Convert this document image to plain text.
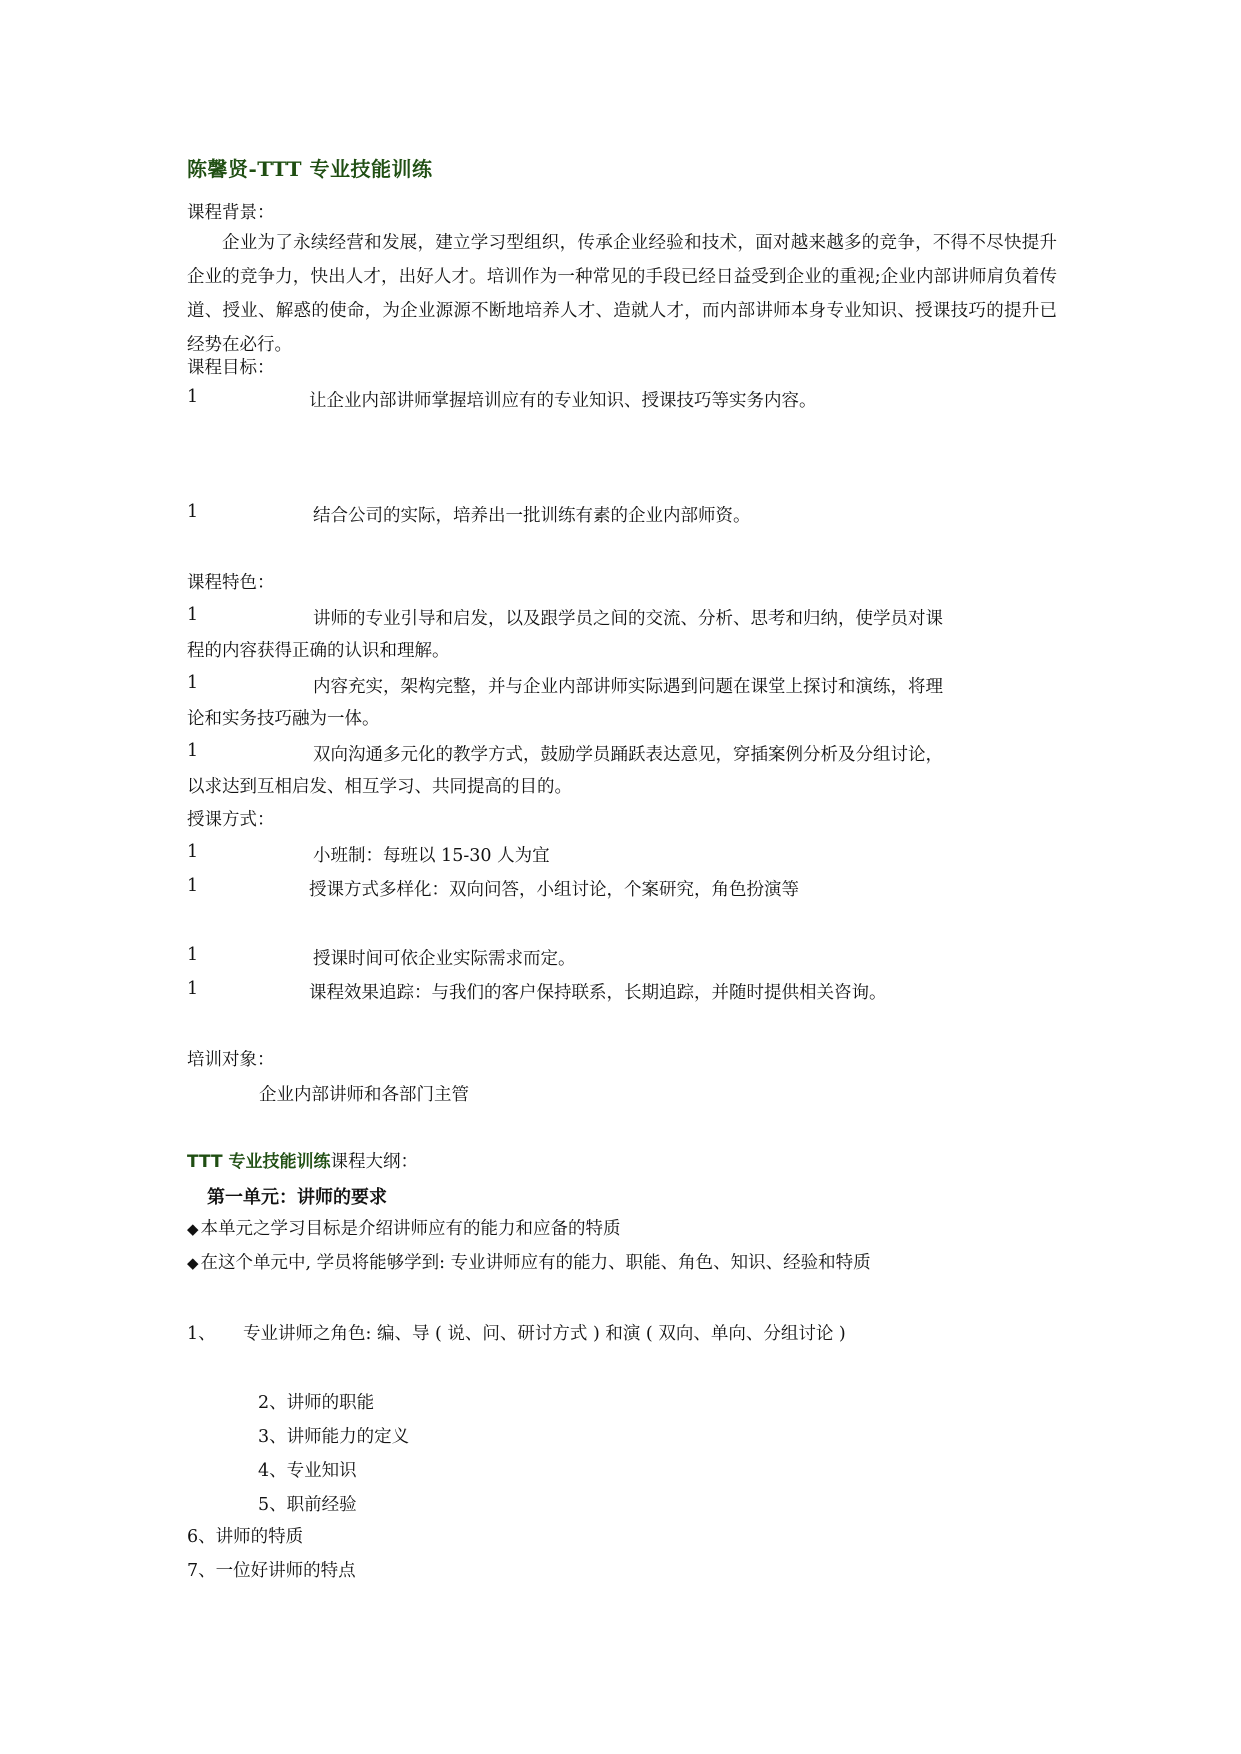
陈馨贤-TTT 专业技能训练
课程背景：
企业为了永续经营和发展，建立学习型组织，传承企业经验和技术，面对越来越多的竞争，不得不尽快提升企业的竞争力，快出人才，出好人才。培训作为一种常见的手段已经日益受到企业的重视;企业内部讲师肩负着传道、授业、解惑的使命，为企业源源不断地培养人才、造就人才，而内部讲师本身专业知识、授课技巧的提升已经势在必行。
课程目标：
1	让企业内部讲师掌握培训应有的专业知识、授课技巧等实务内容。
1	结合公司的实际，培养出一批训练有素的企业内部师资。
课程特色：
1	讲师的专业引导和启发，以及跟学员之间的交流、分析、思考和归纳，使学员对课
程的内容获得正确的认识和理解。
1	内容充实，架构完整，并与企业内部讲师实际遇到问题在课堂上探讨和演练，将理
论和实务技巧融为一体。
1	双向沟通多元化的教学方式，鼓励学员踊跃表达意见，穿插案例分析及分组讨论，
以求达到互相启发、相互学习、共同提高的目的。
授课方式：
1	小班制：每班以 15-30 人为宜
1	授课方式多样化：双向问答，小组讨论，个案研究，角色扮演等
1	授课时间可依企业实际需求而定。
1	课程效果追踪：与我们的客户保持联系，长期追踪，并随时提供相关咨询。
培训对象：
企业内部讲师和各部门主管
TTT 专业技能训练课程大纲：
第一单元：讲师的要求
◆ 本单元之学习目标是介绍讲师应有的能力和应备的特质
◆ 在这个单元中, 学员将能够学到: 专业讲师应有的能力、职能、角色、知识、经验和特质
1、	专业讲师之角色: 编、导 ( 说、问、研讨方式 ) 和演 ( 双向、单向、分组讨论 )
2、讲师的职能
3、讲师能力的定义
4、专业知识
5、职前经验
6、讲师的特质
7、一位好讲师的特点
